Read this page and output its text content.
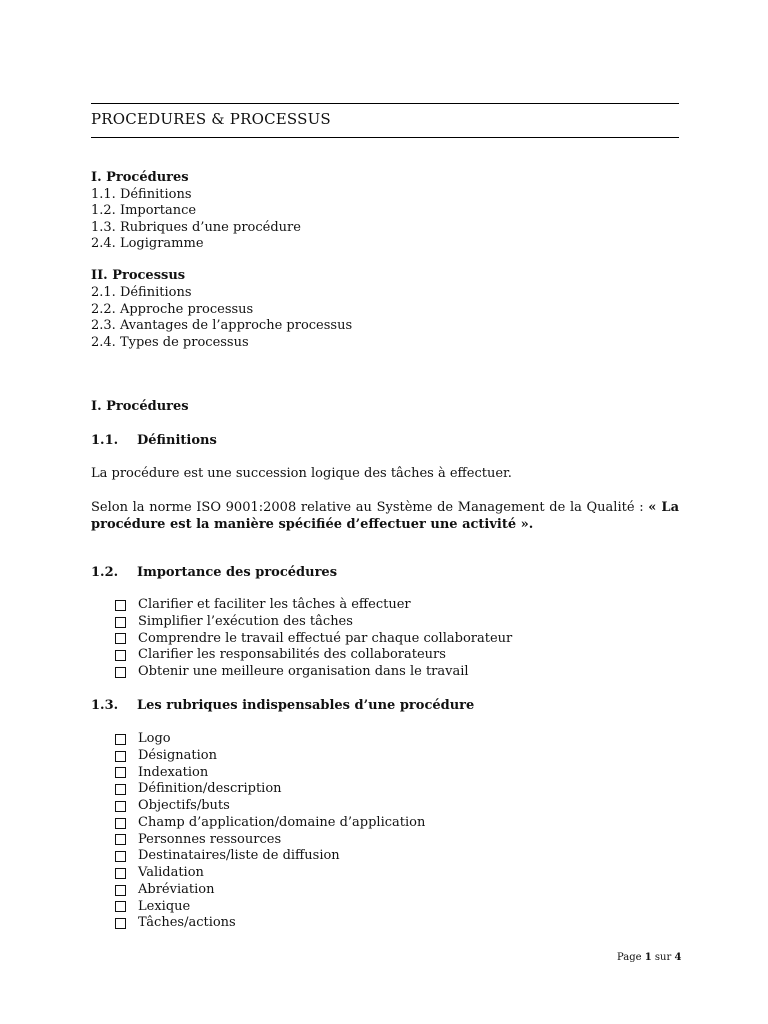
PROCEDURES & PROCESSUS
I. Procédures
1.1. Définitions
1.2. Importance
1.3. Rubriques d’une procédure
2.4. Logigramme
II. Processus
2.1. Définitions
2.2. Approche processus
2.3. Avantages de l’approche processus
2.4. Types de processus
I. Procédures
1.1. Définitions
La procédure est une succession logique des tâches à effectuer.
Selon la norme ISO 9001:2008 relative au Système de Management de la Qualité : « La procédure est la manière spécifiée d’effectuer une activité ».
1.2. Importance des procédures
Clarifier et faciliter les tâches à effectuer
Simplifier l’exécution des tâches
Comprendre le travail effectué par chaque collaborateur
Clarifier les responsabilités des collaborateurs
Obtenir une meilleure organisation dans le travail
1.3. Les rubriques indispensables d’une procédure
Logo
Désignation
Indexation
Définition/description
Objectifs/buts
Champ d’application/domaine d’application
Personnes ressources
Destinataires/liste de diffusion
Validation
Abréviation
Lexique
Tâches/actions
Page 1 sur 4
